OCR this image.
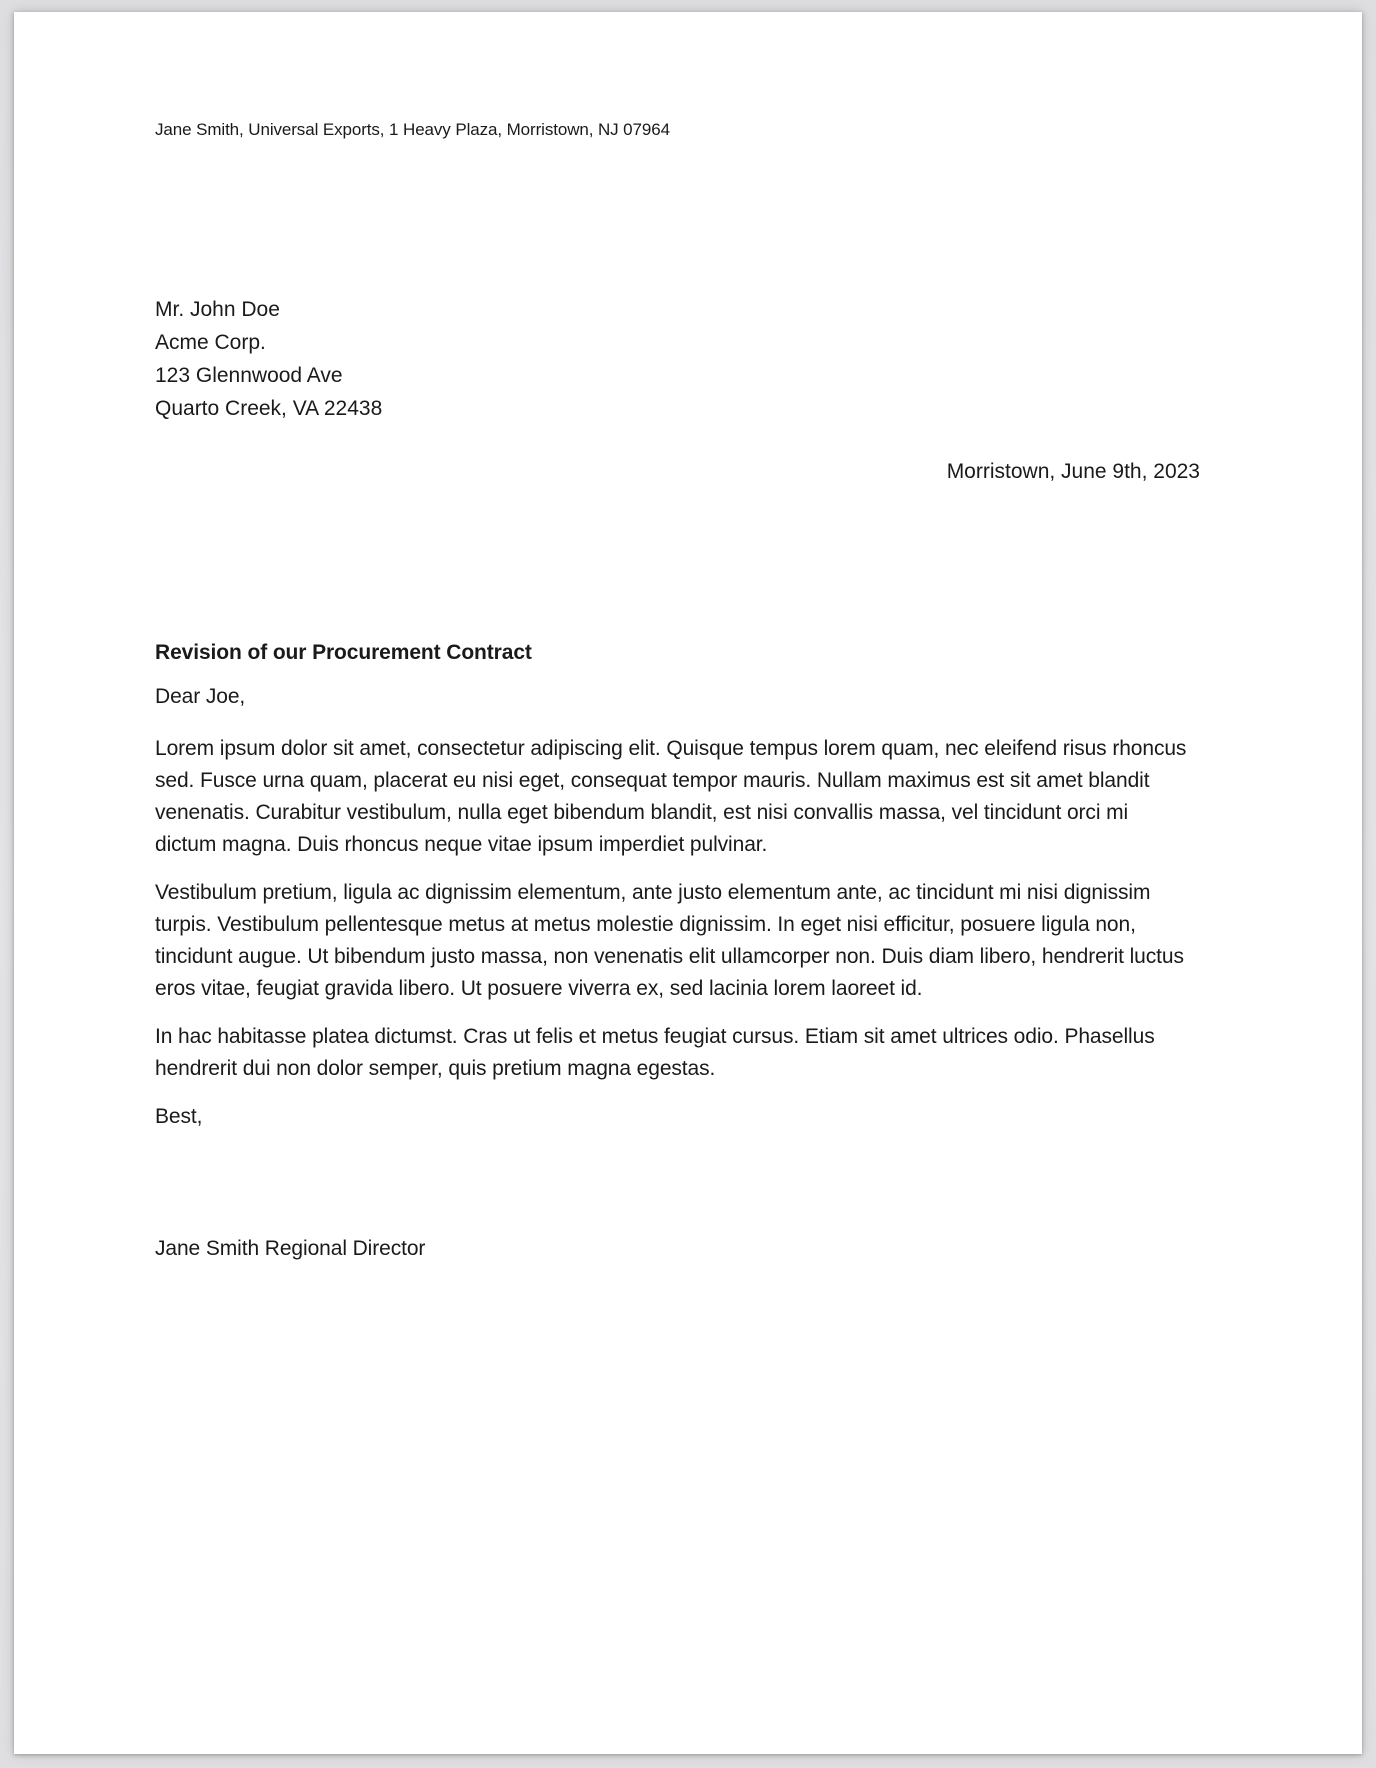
Jane Smith, Universal Exports, 1 Heavy Plaza, Morristown, NJ 07964
Mr. John Doe
Acme Corp.
123 Glennwood Ave
Quarto Creek, VA 22438
Morristown, June 9th, 2023

Revision of our Procurement Contract

Dear Joe,

Lorem ipsum dolor sit amet, consectetur adipiscing elit. Quisque tempus lorem quam, nec eleifend risus rhoncus sed. Fusce urna quam, placerat eu nisi eget, consequat tempor mauris. Nullam maximus est sit amet blandit venenatis. Curabitur vestibulum, nulla eget bibendum blandit, est nisi convallis massa, vel tincidunt orci mi dictum magna. Duis rhoncus neque vitae ipsum imperdiet pulvinar.

Vestibulum pretium, ligula ac dignissim elementum, ante justo elementum ante, ac tincidunt mi nisi dignissim turpis. Vestibulum pellentesque metus at metus molestie dignissim. In eget nisi efficitur, posuere ligula non, tincidunt augue. Ut bibendum justo massa, non venenatis elit ullamcorper non. Duis diam libero, hendrerit luctus eros vitae, feugiat gravida libero. Ut posuere viverra ex, sed lacinia lorem laoreet id.

In hac habitasse platea dictumst. Cras ut felis et metus feugiat cursus. Etiam sit amet ultrices odio. Phasellus hendrerit dui non dolor semper, quis pretium magna egestas.

Best,

Jane Smith Regional Director
